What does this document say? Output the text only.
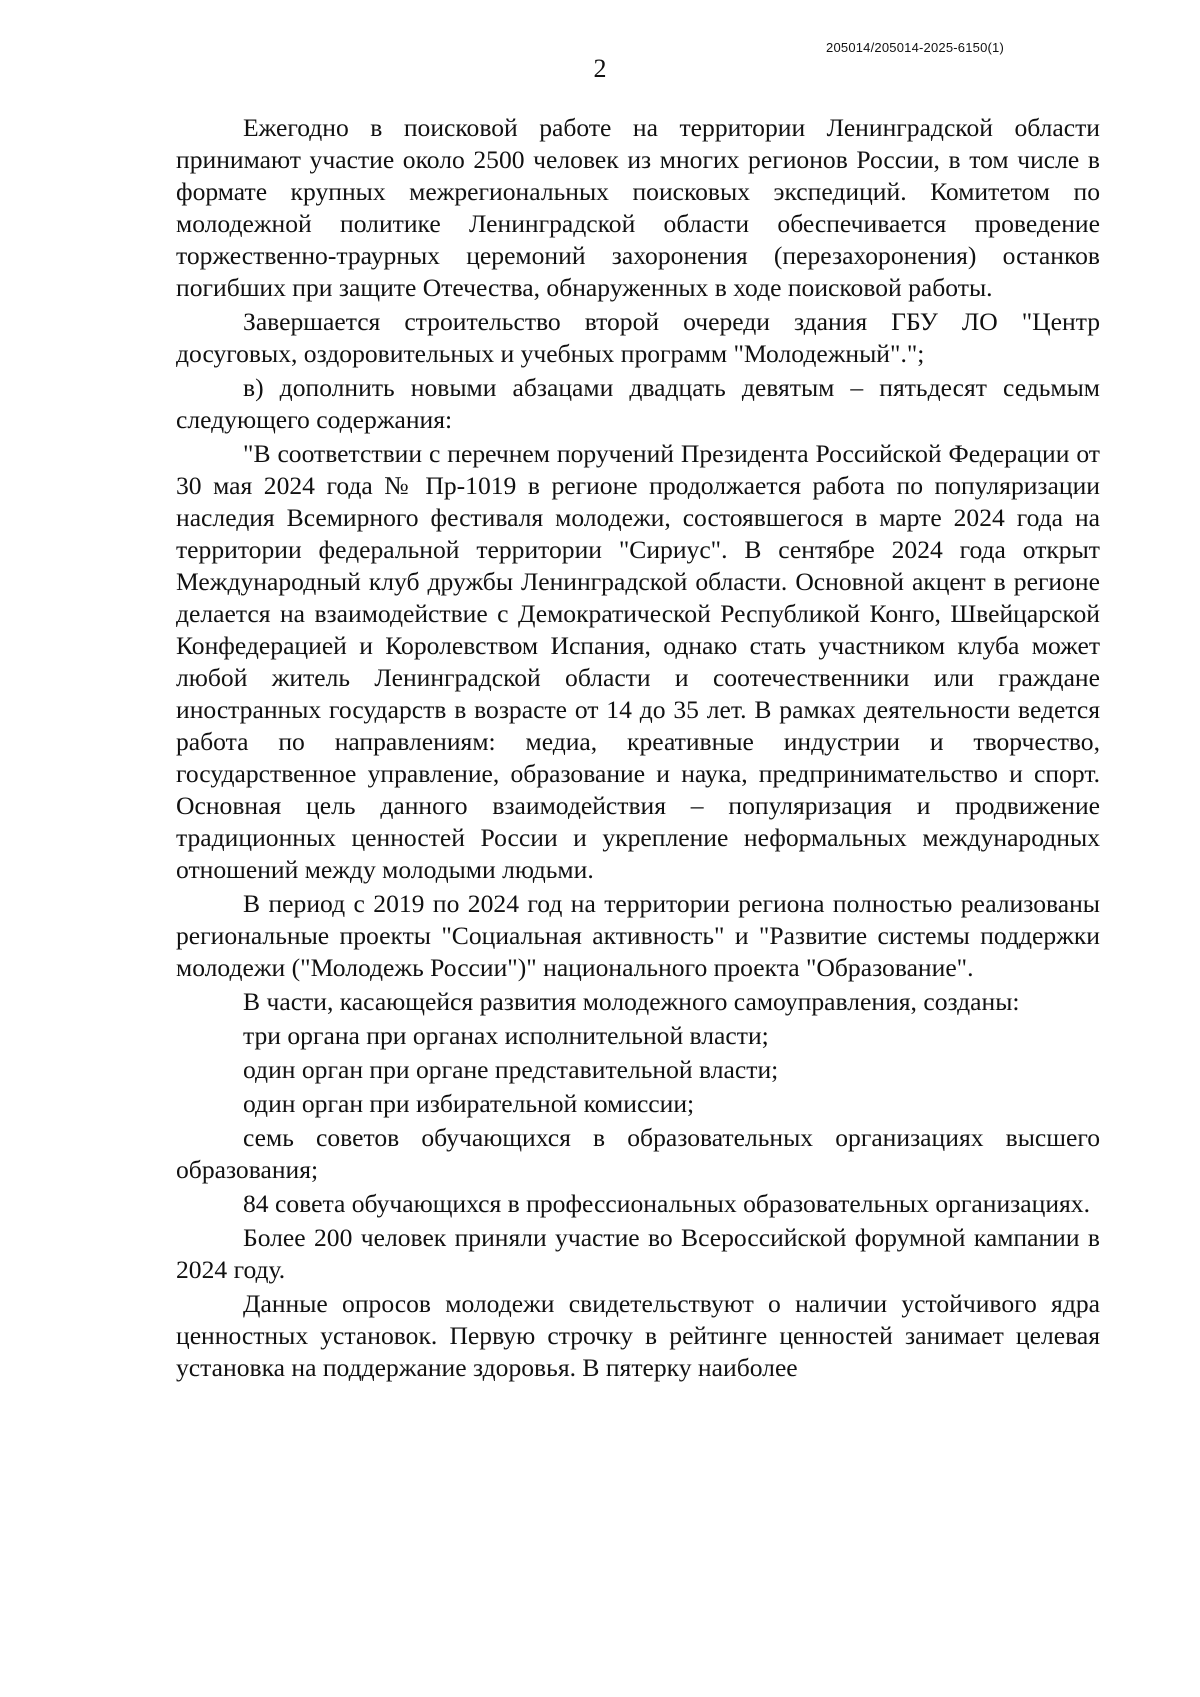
205014/205014-2025-6150(1)
2

Ежегодно в поисковой работе на территории Ленинградской области принимают участие около 2500 человек из многих регионов России, в том числе в формате крупных межрегиональных поисковых экспедиций. Комитетом по молодежной политике Ленинградской области обеспечивается проведение торжественно-траурных церемоний захоронения (перезахоронения) останков погибших при защите Отечества, обнаруженных в ходе поисковой работы.

Завершается строительство второй очереди здания ГБУ ЛО "Центр досуговых, оздоровительных и учебных программ "Молодежный".";

в) дополнить новыми абзацами двадцать девятым – пятьдесят седьмым следующего содержания:

"В соответствии с перечнем поручений Президента Российской Федерации от 30 мая 2024 года № Пр-1019 в регионе продолжается работа по популяризации наследия Всемирного фестиваля молодежи, состоявшегося в марте 2024 года на территории федеральной территории "Сириус". В сентябре 2024 года открыт Международный клуб дружбы Ленинградской области. Основной акцент в регионе делается на взаимодействие с Демократической Республикой Конго, Швейцарской Конфедерацией и Королевством Испания, однако стать участником клуба может любой житель Ленинградской области и соотечественники или граждане иностранных государств в возрасте от 14 до 35 лет. В рамках деятельности ведется работа по направлениям: медиа, креативные индустрии и творчество, государственное управление, образование и наука, предпринимательство и спорт. Основная цель данного взаимодействия – популяризация и продвижение традиционных ценностей России и укрепление неформальных международных отношений между молодыми людьми.

В период с 2019 по 2024 год на территории региона полностью реализованы региональные проекты "Социальная активность" и "Развитие системы поддержки молодежи ("Молодежь России")" национального проекта "Образование".

В части, касающейся развития молодежного самоуправления, созданы:

три органа при органах исполнительной власти;

один орган при органе представительной власти;

один орган при избирательной комиссии;

семь советов обучающихся в образовательных организациях высшего образования;

84 совета обучающихся в профессиональных образовательных организациях.

Более 200 человек приняли участие во Всероссийской форумной кампании в 2024 году.

Данные опросов молодежи свидетельствуют о наличии устойчивого ядра ценностных установок. Первую строчку в рейтинге ценностей занимает целевая установка на поддержание здоровья. В пятерку наиболее
